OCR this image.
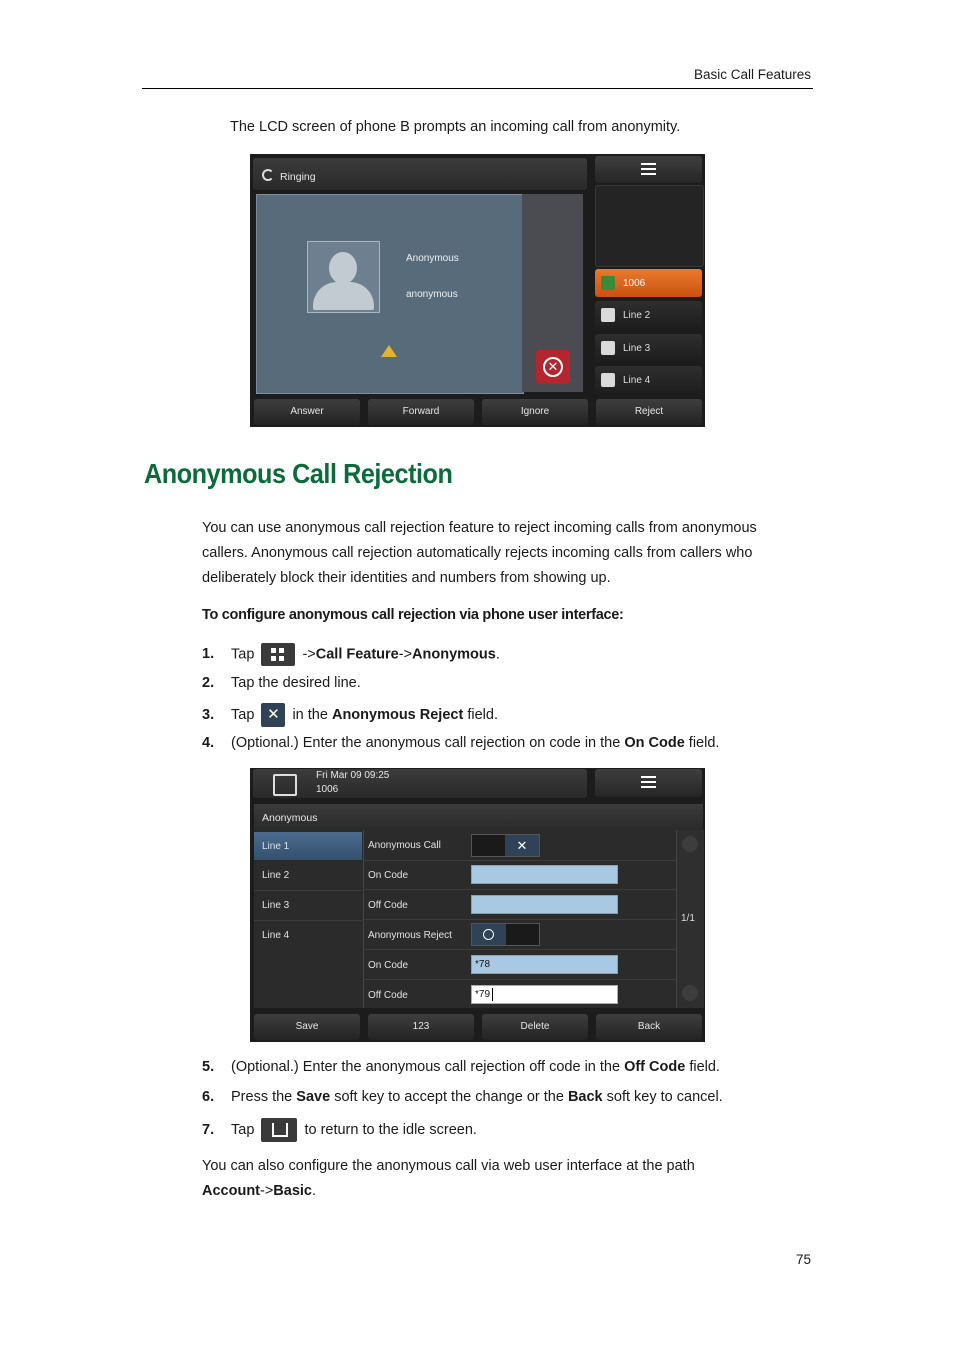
Basic Call Features
The LCD screen of phone B prompts an incoming call from anonymity.
Ringing
Anonymous
anonymous
✕
1006
Line 2
Line 3
Line 4
Answer	Forward	Ignore	Reject
Anonymous Call Rejection
You can use anonymous call rejection feature to reject incoming calls from anonymous
callers. Anonymous call rejection automatically rejects incoming calls from callers who
deliberately block their identities and numbers from showing up.
To configure anonymous call rejection via phone user interface:
1. Tap	->Call Feature->Anonymous.
2. Tap the desired line.
3. Tap ✕ in the Anonymous Reject field.
4. (Optional.) Enter the anonymous call rejection on code in the On Code field.
Fri Mar 09 09:25
1006
Anonymous
Line 1
Line 2
Line 3
Line 4
Anonymous Call	✕
On Code
Off Code
Anonymous Reject
On Code	*78
Off Code	*79
1/1
Save	123	Delete	Back
5. (Optional.) Enter the anonymous call rejection off code in the Off Code field.
6. Press the Save soft key to accept the change or the Back soft key to cancel.
7. Tap	to return to the idle screen.
You can also configure the anonymous call via web user interface at the path
Account->Basic.
75
